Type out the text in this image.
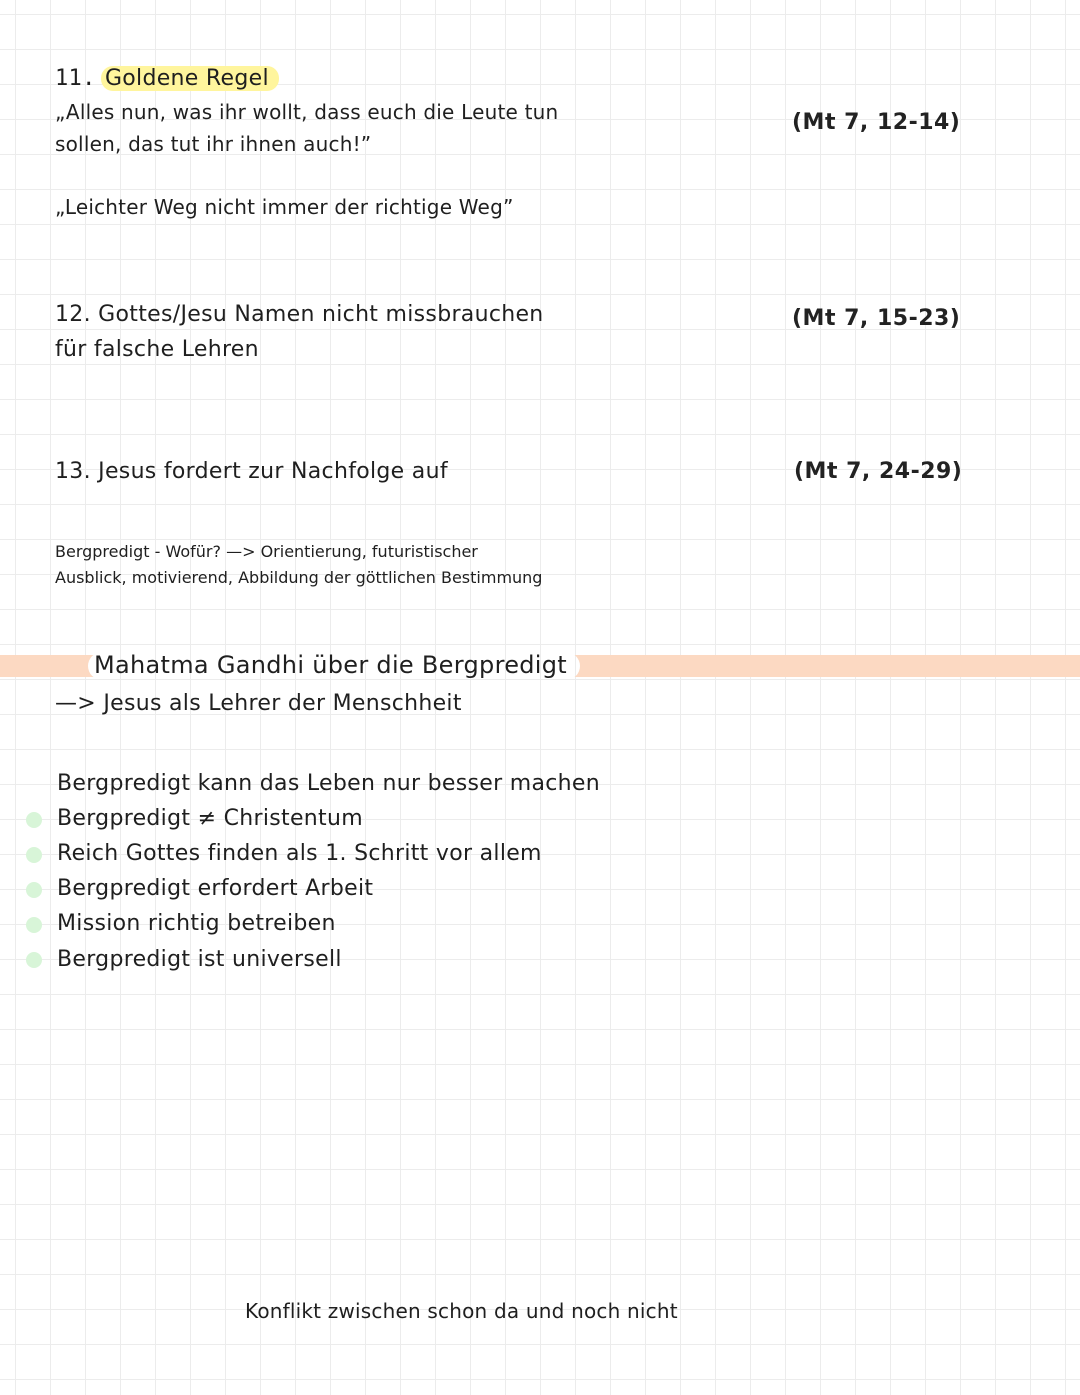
11. Goldene Regel
„Alles nun, was ihr wollt, dass euch die Leute tun
sollen, das tut ihr ihnen auch!”
„Leichter Weg nicht immer der richtige Weg”
(Mt 7, 12-14)
12. Gottes/Jesu Namen nicht missbrauchen
für falsche Lehren
(Mt 7, 15-23)
13. Jesus fordert zur Nachfolge auf	(Mt 7, 24-29)
Bergpredigt - Wofür? —> Orientierung, futuristischer
Ausblick, motivierend, Abbildung der göttlichen Bestimmung
Mahatma Gandhi über die Bergpredigt
—> Jesus als Lehrer der Menschheit
Bergpredigt kann das Leben nur besser machen
Bergpredigt ≠ Christentum
Reich Gottes finden als 1. Schritt vor allem
Bergpredigt erfordert Arbeit
Mission richtig betreiben
Bergpredigt ist universell
Konflikt zwischen schon da und noch nicht
